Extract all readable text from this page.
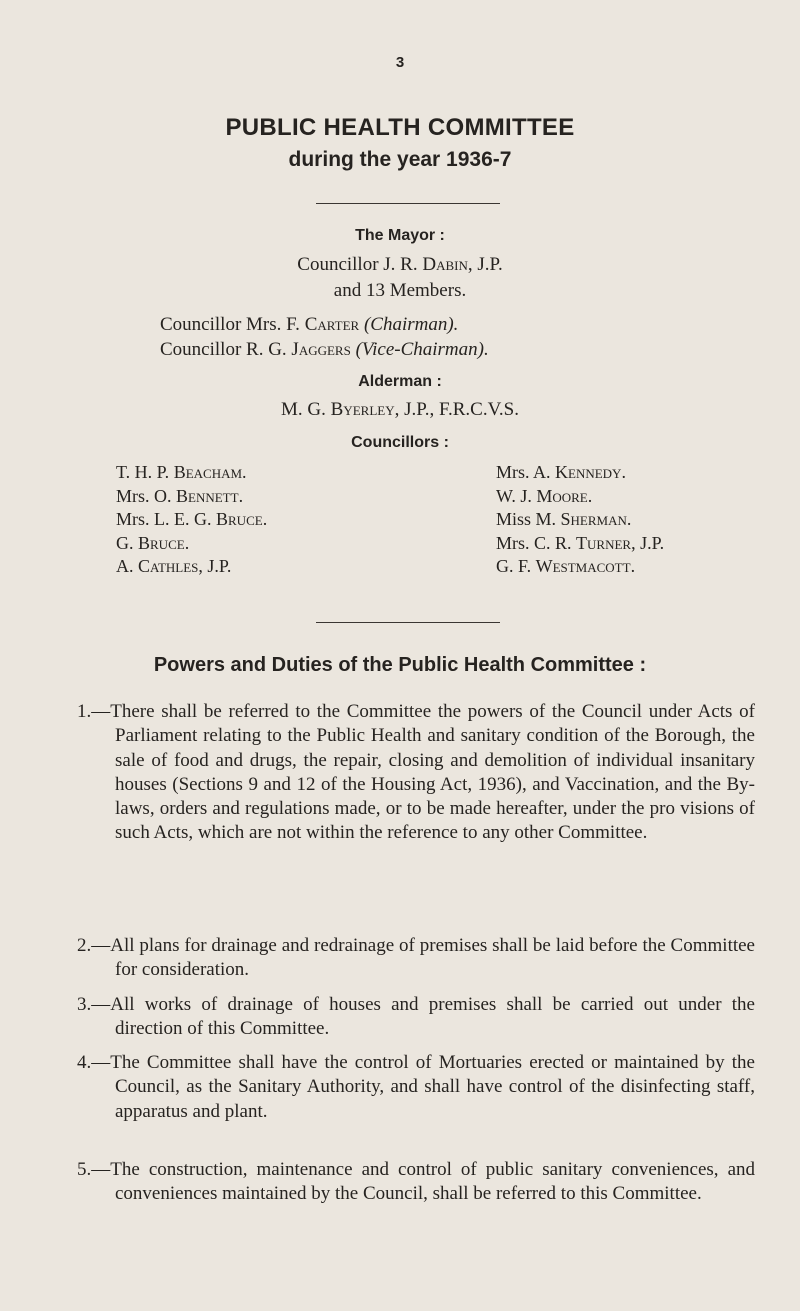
3
PUBLIC HEALTH COMMITTEE
during the year 1936-7
The Mayor :
Councillor J. R. Dabin, J.P.
and 13 Members.
Councillor Mrs. F. Carter (Chairman).
Councillor R. G. Jaggers (Vice-Chairman).
Alderman :
M. G. Byerley, J.P., F.R.C.V.S.
Councillors :
T. H. P. Beacham.
Mrs. O. Bennett.
Mrs. L. E. G. Bruce.
G. Bruce.
A. Cathles, J.P.
Mrs. A. Kennedy.
W. J. Moore.
Miss M. Sherman.
Mrs. C. R. Turner, J.P.
G. F. Westmacott.
Powers and Duties of the Public Health Committee :
1.—There shall be referred to the Committee the powers of the Council under Acts of Parliament relating to the Public Health and sanitary condition of the Borough, the sale of food and drugs, the repair, closing and demolition of individual insanitary houses (Sections 9 and 12 of the Housing Act, 1936), and Vaccination, and the By-laws, orders and regulations made, or to be made hereafter, under the pro visions of such Acts, which are not within the reference to any other Committee.
2.—All plans for drainage and redrainage of premises shall be laid before the Committee for consideration.
3.—All works of drainage of houses and premises shall be carried out under the direction of this Committee.
4.—The Committee shall have the control of Mortuaries erected or maintained by the Council, as the Sanitary Authority, and shall have control of the disinfecting staff, apparatus and plant.
5.—The construction, maintenance and control of public sanitary conveniences, and conveniences maintained by the Council, shall be referred to this Committee.
